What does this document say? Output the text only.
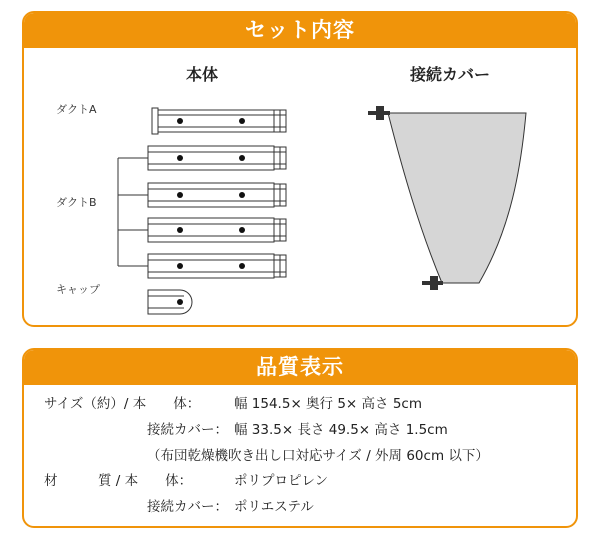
セット内容
本体	接続カバー
ダクトA
ダクトB
キャップ
品質表示
サイズ（約）/ 本　　体： 幅 154.5× 奥行 5× 高さ 5cm
接続カバー： 幅 33.5× 長さ 49.5× 高さ 1.5cm
（布団乾燥機吹き出し口対応サイズ / 外周 60cm 以下）
材　　　質 / 本　　体：	ポリプロピレン
接続カバー： ポリエステル
